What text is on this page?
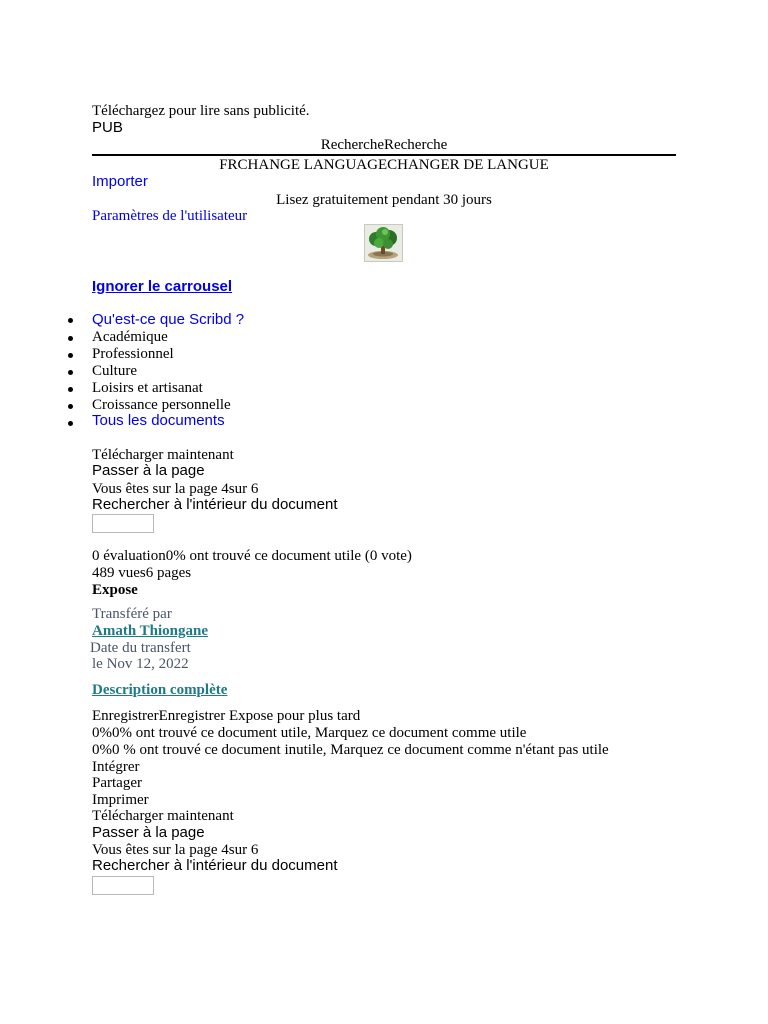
Téléchargez pour lire sans publicité.
PUB
RechercheRecherche
FRCHANGE LANGUAGECHANGER DE LANGUE
Importer
Lisez gratuitement pendant 30 jours
Paramètres de l'utilisateur
Ignorer le carrousel
Qu'est-ce que Scribd ?
Académique
Professionnel
Culture
Loisirs et artisanat
Croissance personnelle
Tous les documents
Télécharger maintenant
Passer à la page
Vous êtes sur la page 4sur 6
Rechercher à l'intérieur du document
0 évaluation0% ont trouvé ce document utile (0 vote)
489 vues6 pages
Expose
Transféré par
Amath Thiongane
Date du transfert
le Nov 12, 2022
Description complète
EnregistrerEnregistrer Expose pour plus tard
0%0% ont trouvé ce document utile, Marquez ce document comme utile
0%0 % ont trouvé ce document inutile, Marquez ce document comme n'étant pas utile
Intégrer
Partager
Imprimer
Télécharger maintenant
Passer à la page
Vous êtes sur la page 4sur 6
Rechercher à l'intérieur du document
